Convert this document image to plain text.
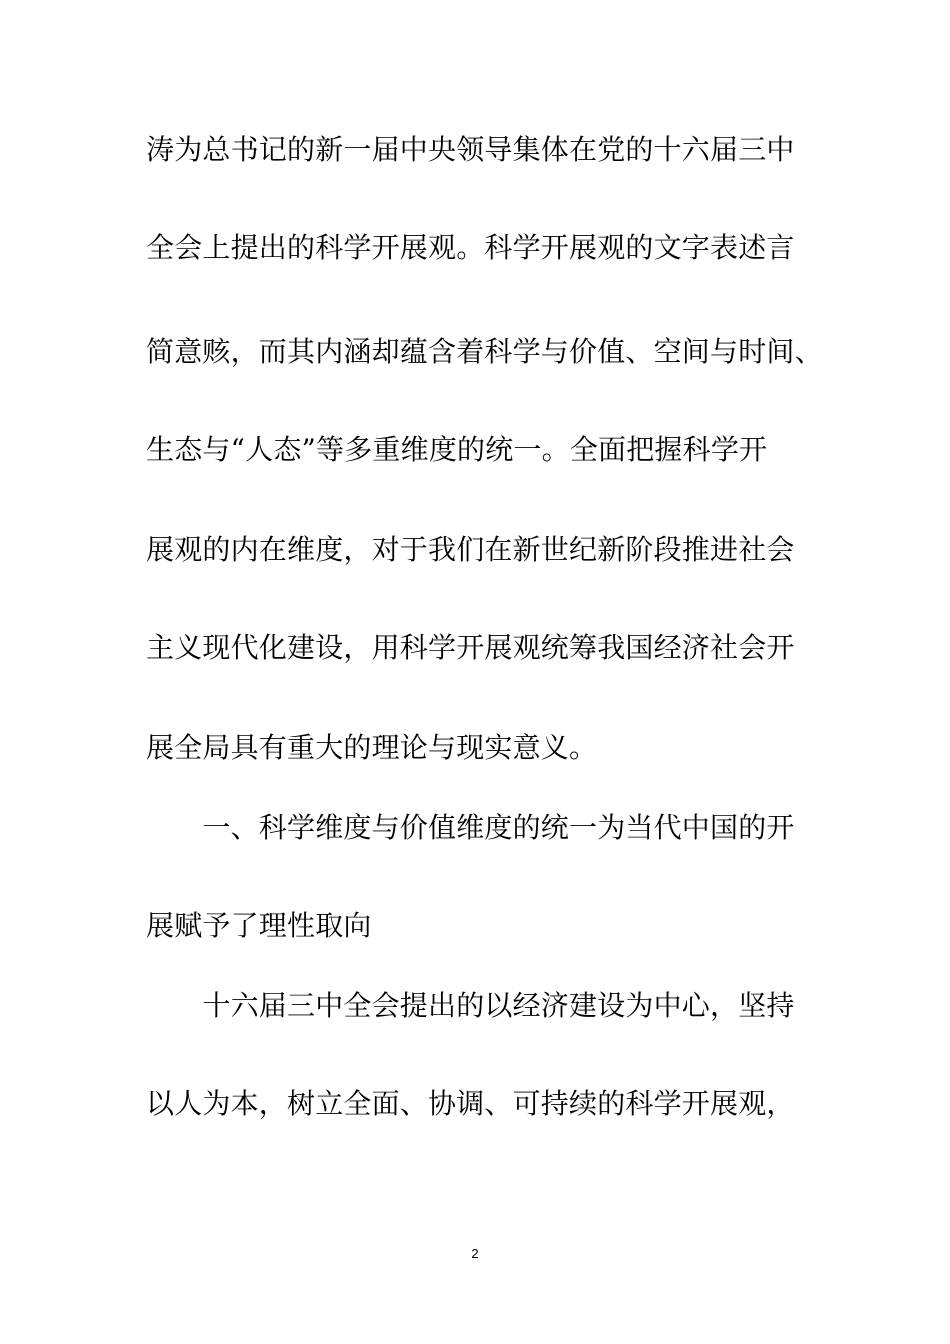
涛为总书记的新一届中央领导集体在党的十六届三中
全会上提出的科学开展观。科学开展观的文字表述言
简意赅，而其内涵却蕴含着科学与价值、空间与时间、
生态与“人态”等多重维度的统一。全面把握科学开
展观的内在维度，对于我们在新世纪新阶段推进社会
主义现代化建设，用科学开展观统筹我国经济社会开
展全局具有重大的理论与现实意义。
　　一、科学维度与价值维度的统一为当代中国的开
展赋予了理性取向
　　十六届三中全会提出的以经济建设为中心，坚持
以人为本，树立全面、协调、可持续的科学开展观，
2
